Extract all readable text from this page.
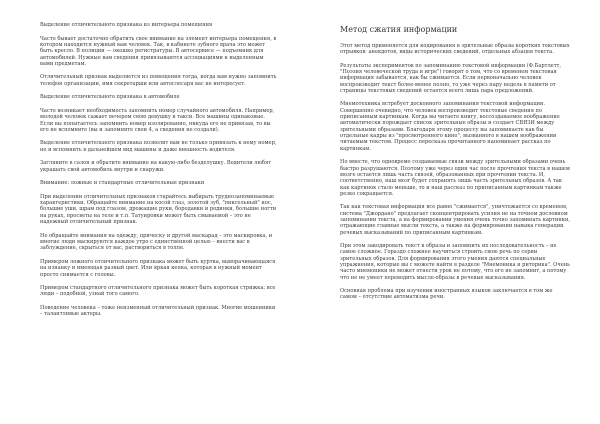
Выделение отличительного признака из интерьера помещения

Часто бывает достаточно обратить свое внимание на элемент интерьера помещения, в котором находится нужный вам человек. Так, в кабинете зубного врача это может быть кресло. В полиции — окошко регистратуры. В автосервисе — подъемник для автомобилей. Нужные вам сведения привязываются ассоциациями к выделенным вами предметам.

Отличительный признак выделяется из помещения тогда, когда вам нужно запомнить телефон организации, имя секретарши или автослесаря вас не интересует.

Выделение отличительного признака в автомобиле

Часто возникает необходимость запомнить номер случайного автомобиля. Например, молодой человек сажает вечером свою девушку в такси. Все машины одинаковые. Если вы попытаетесь запомнить номер изолированно, никуда его не привязав, то вы его не вспомните (вы и запомните свои 4, а сведения не создали).

Выделение отличительного признака позволит вам не только привязать к нему номер, но и вспомнить в дальнейшем вид машины и даже внешность водителя.

Загляните в салон и обратите внимание на какую-либо безделушку. Водители любят украшать свой автомобиль внутри и снаружи.

Внимание: ложные и стандартные отличительные признаки

При выделении отличительных признаков старайтесь выбирать труднозапоминаемые характеристики. Обращайте внимание на косой глаз, золотой зуб, "пиксельный" нос, большие уши, шрам под глазом, дрожащие руки, бородавки и родинки, большие ногти на руках, просветы на теле и т.п. Татуировки может быть смываемой – это не надежный отличительный признак.

Не обращайте внимания на одежду, прическу и другой маскарад – это маскировка, и многие люди маскируются каждое утро с единственной целью – внести вас в заблуждение, скрыться от вас, раствориться в толпе.

Примером ложного отличительного признака может быть куртка, выворачивающаяся на изнанку и имеющая разный цвет. Или яркая кепка, которая в нужный момент просто снимается с головы.

Примером стандартного отличительного признака может быть короткая стрижка: все люди – подобной, узнай того самого.

Поведение человека – тоже неизменный отличительный признак. Многие мошенники – талантливые актеры.

Метод сжатия информации

Этот метод применяется для кодирования в зрительные образы коротких текстовых отрывков: анекдотов, виды исторических сведений, отдельных абзацев текста.

Результаты экспериментов по запоминанию текстовой информации (Ф.Бартлетт, "Поэзия человеческой труда и игре") говорят о том, что со временем текстовая информация забывается, как бы сжимается. Если первоначально человек воспроизводит текст более-менее полно, то уже через пару недель в памяти от страницы текстовых сведений остается всего лишь пара предложений.

Мнемотехника встребует досконного запоминания текстовой информации. Совершенно очевидно, что человек воспроизводит текстовые сведения по приписанным картинкам. Когда вы читаете книгу, воссоздаваемое воображение автоматически порождает список зрительные образы и создает СВЯЗИ между зрительными образами. Благодаря этому процессу вы запоминаете как бы отдельные кадры из "просмотренного кино", вызванного в нашем воображении читаемым текстом. Процесс пересказа прочитанного напоминает рассказ по картинкам.

Но вместе, что одновремо создаваемые связи между зрительными образами очень быстро разрушаются. Поэтому уже через один час после прочтения текста в нашем мозге остается лишь часть связей, образованных при прочтении текста. И, соответственно, наш мозг будет сохранять лишь часть зрительных образов. А так как картинок стало меньше, то и наш рассказ по приписанным картинкам также резко сокращается.

Так как текстовая информация все равно "сжимается", уничтожается со временем, система "Джордано" предлагает сконцентрировать усилия не на точном дословном запоминании текста, а на формировании умения очень точно запоминать картинки, отражающие главные мысли текста, а также на формировании навыка генерации речевых высказываний по приписанным картинкам.

При этом закодировать текст в образы и запомнить их последовательность – не самое сложное. Гораздо сложнее научиться строить свою речь по серии зрительных образов. Для формирования этого умения даются специальные упражнения, которые вы с можете найти в разделе "Мнемоника и риторика". Очень часто мнемоники не может отнести урок не потому, что его не запомнит, а потому что не не умеет переводить мысле-образы в речевые высказывания.

Основная проблема при изучении иностранных языков заключается в том же самом – отсутствие автоматизма речи.
